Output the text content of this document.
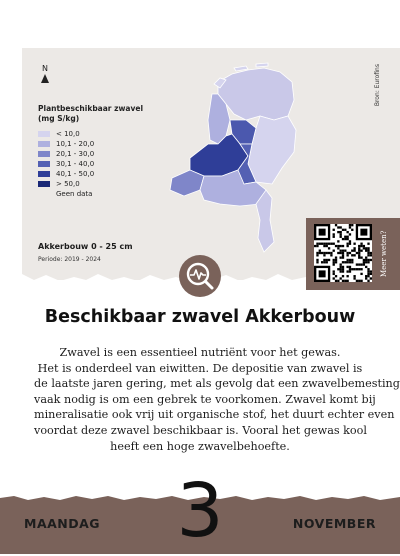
N	Bron: Eurofins
Plantbeschikbaar zwavel (mg S/kg)
< 10,0
10,1 - 20,0
20,1 - 30,0
30,1 - 40,0
40,1 - 50,0
> 50,0
Geen data
Akkerbouw 0 - 25 cm
Periode: 2019 - 2024	Meer weten?
Beschikbaar zwavel Akkerbouw
Zwavel is een essentieel nutriënt voor het gewas.
Het is onderdeel van eiwitten. De depositie van zwavel is
de laatste jaren gering, met als gevolg dat een zwavelbemesting
vaak nodig is om een gebrek te voorkomen. Zwavel komt bij
mineralisatie ook vrij uit organische stof, het duurt echter even
voordat deze zwavel beschikbaar is. Vooral het gewas kool
heeft een hoge zwavelbehoefte.
MAANDAG	3	NOVEMBER
